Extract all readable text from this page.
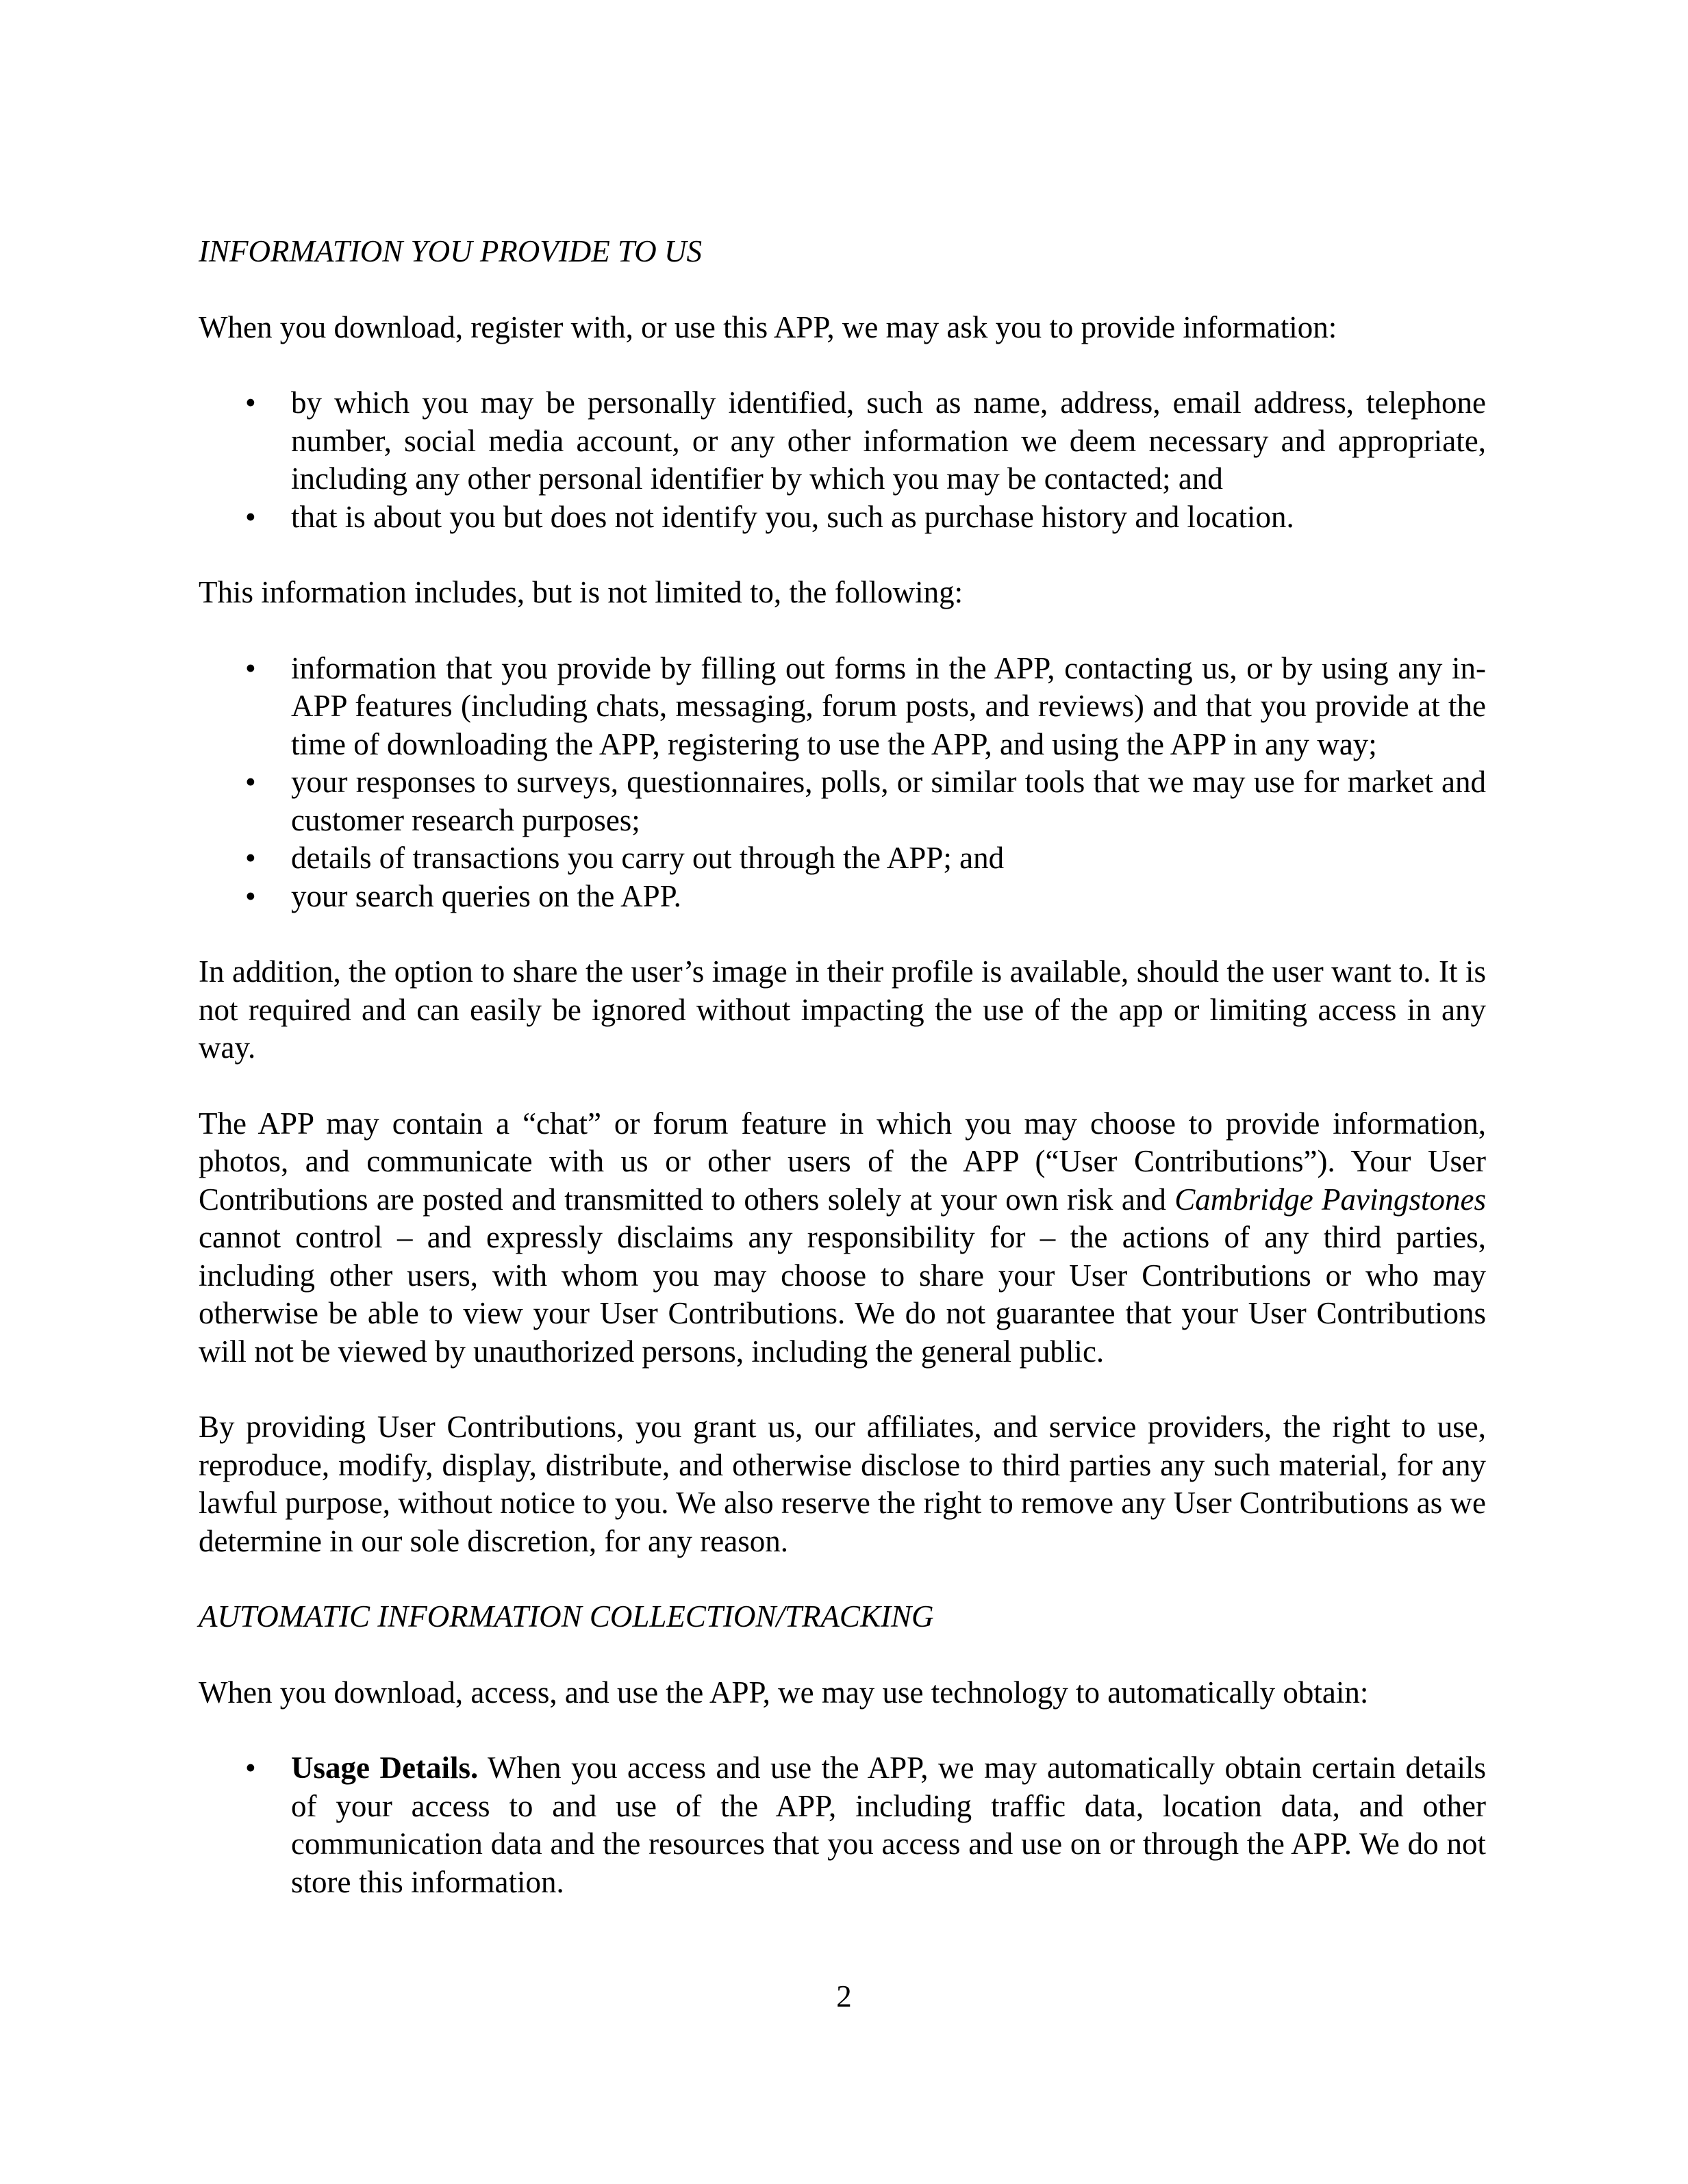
INFORMATION YOU PROVIDE TO US

When you download, register with, or use this APP, we may ask you to provide information:

• by which you may be personally identified, such as name, address, email address, telephone number, social media account, or any other information we deem necessary and appropriate, including any other personal identifier by which you may be contacted; and
• that is about you but does not identify you, such as purchase history and location.

This information includes, but is not limited to, the following:

• information that you provide by filling out forms in the APP, contacting us, or by using any in-APP features (including chats, messaging, forum posts, and reviews) and that you provide at the time of downloading the APP, registering to use the APP, and using the APP in any way;
• your responses to surveys, questionnaires, polls, or similar tools that we may use for market and customer research purposes;
• details of transactions you carry out through the APP; and
• your search queries on the APP.

In addition, the option to share the user’s image in their profile is available, should the user want to. It is not required and can easily be ignored without impacting the use of the app or limiting access in any way.

The APP may contain a “chat” or forum feature in which you may choose to provide information, photos, and communicate with us or other users of the APP (“User Contributions”). Your User Contributions are posted and transmitted to others solely at your own risk and Cambridge Pavingstones cannot control – and expressly disclaims any responsibility for – the actions of any third parties, including other users, with whom you may choose to share your User Contributions or who may otherwise be able to view your User Contributions. We do not guarantee that your User Contributions will not be viewed by unauthorized persons, including the general public.

By providing User Contributions, you grant us, our affiliates, and service providers, the right to use, reproduce, modify, display, distribute, and otherwise disclose to third parties any such material, for any lawful purpose, without notice to you. We also reserve the right to remove any User Contributions as we determine in our sole discretion, for any reason.

AUTOMATIC INFORMATION COLLECTION/TRACKING

When you download, access, and use the APP, we may use technology to automatically obtain:

• Usage Details. When you access and use the APP, we may automatically obtain certain details of your access to and use of the APP, including traffic data, location data, and other communication data and the resources that you access and use on or through the APP. We do not store this information.
2
